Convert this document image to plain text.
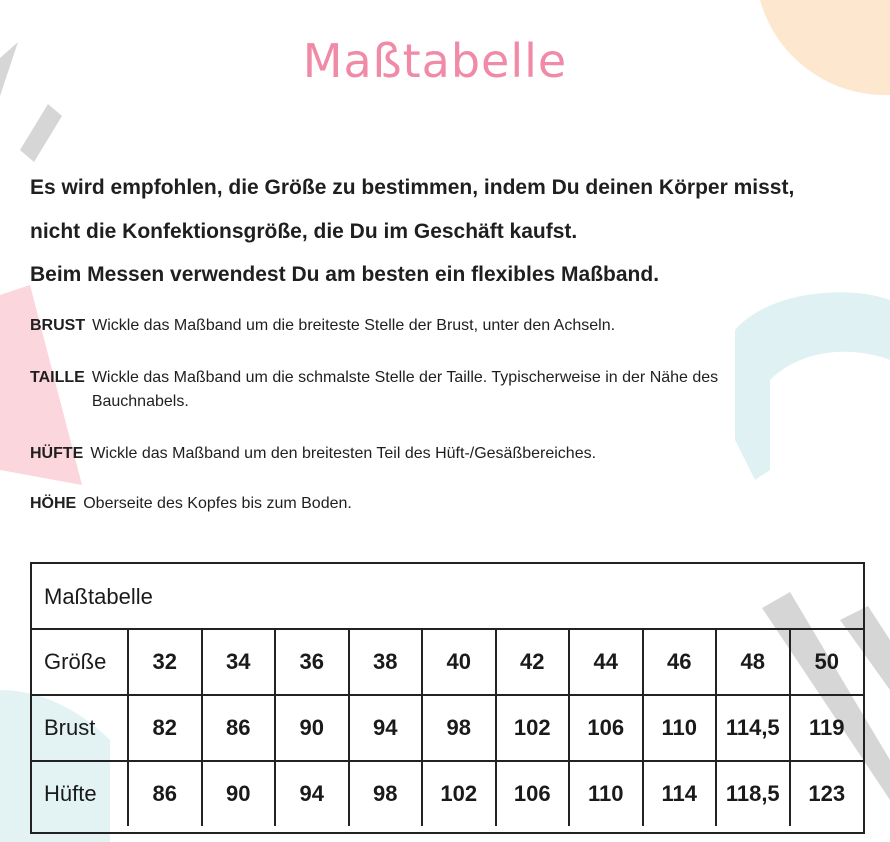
Maßtabelle
Es wird empfohlen, die Größe zu bestimmen, indem Du deinen Körper misst,
nicht die Konfektionsgröße, die Du im Geschäft kaufst.
Beim Messen verwendest Du am besten ein flexibles Maßband.
BRUST Wickle das Maßband um die breiteste Stelle der Brust, unter den Achseln.
TAILLE Wickle das Maßband um die schmalste Stelle der Taille. Typischerweise in der Nähe des Bauchnabels.
HÜFTE Wickle das Maßband um den breitesten Teil des Hüft-/Gesäßbereiches.
HÖHE Oberseite des Kopfes bis zum Boden.
Maßtabelle
Größe	32	34	36	38	40	42	44	46	48	50
Brust	82	86	90	94	98	102	106	110	114,5	119
Hüfte	86	90	94	98	102	106	110	114	118,5	123
